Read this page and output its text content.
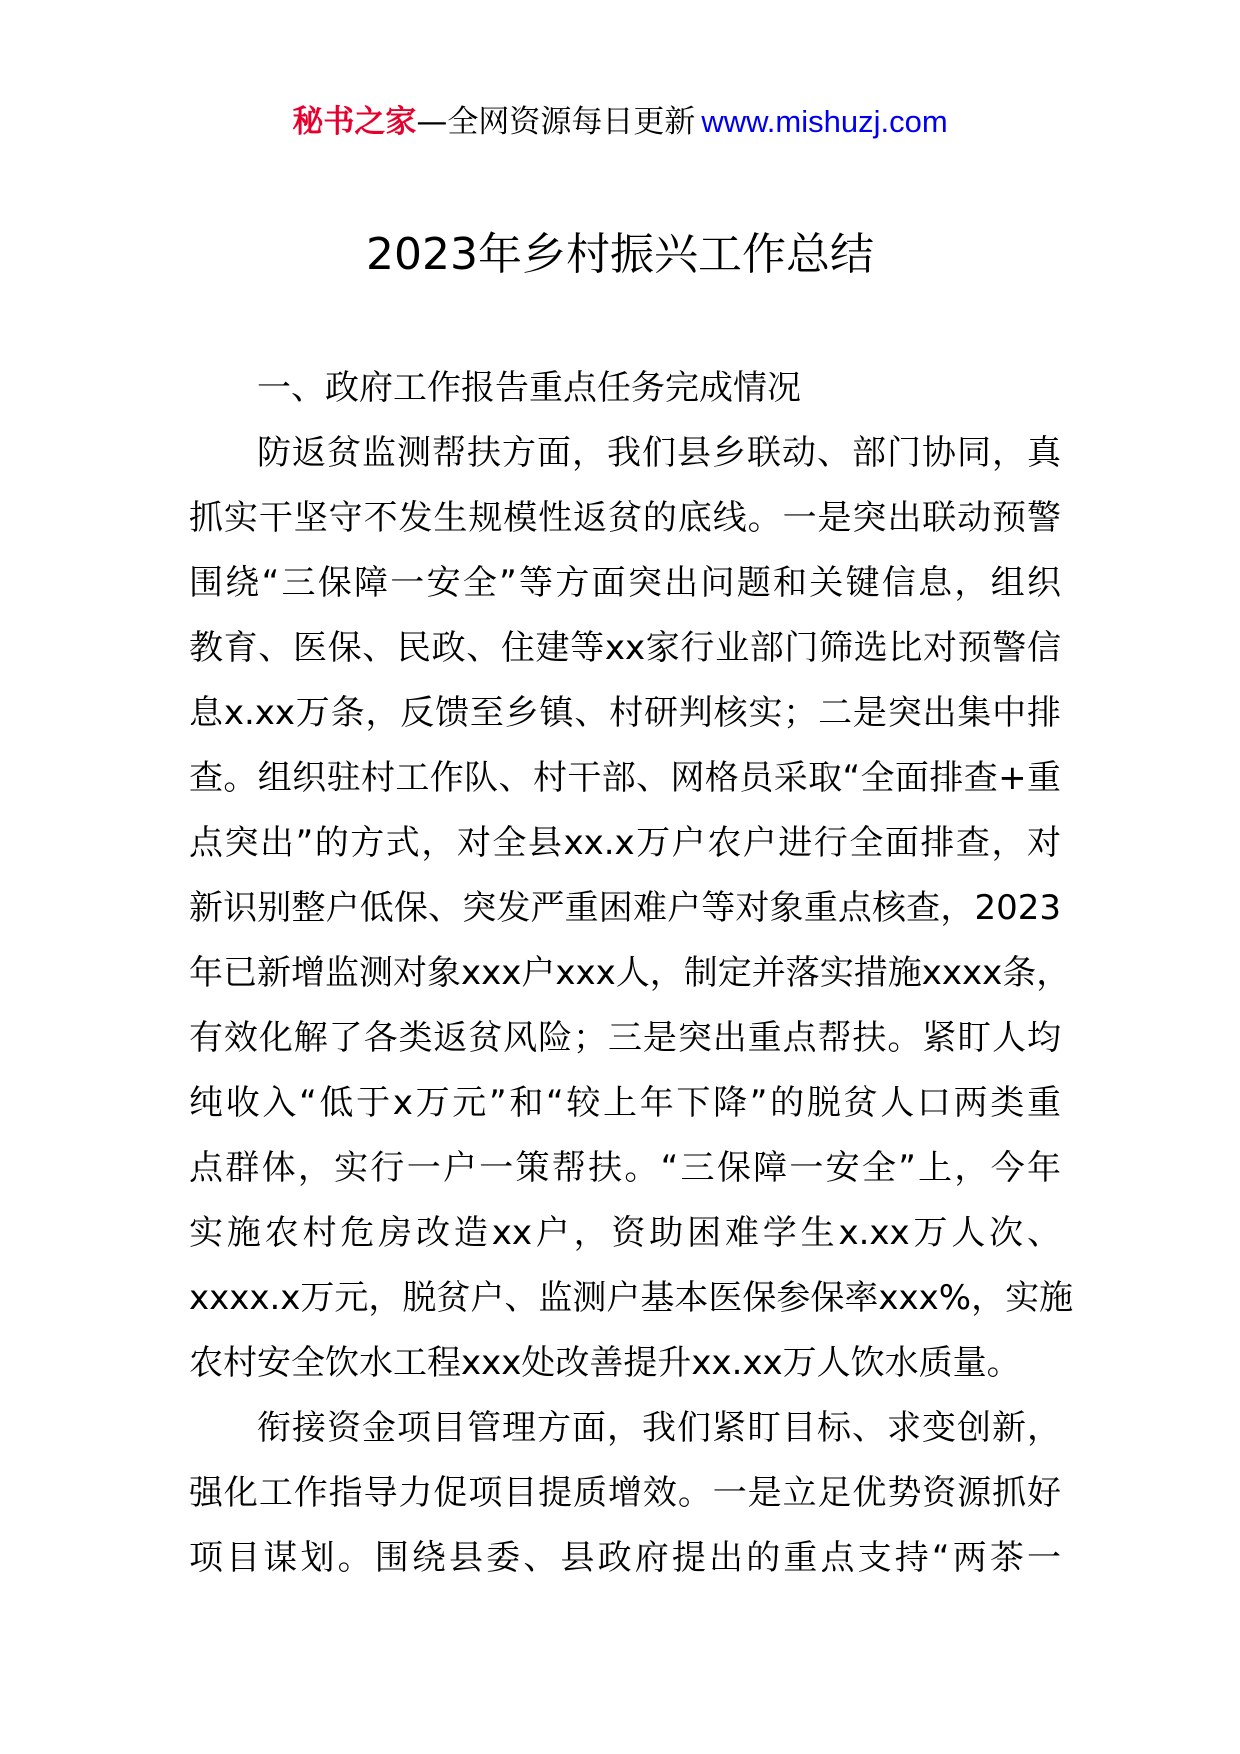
秘书之家—全网资源每日更新 www.mishuzj.com
2023年乡村振兴工作总结
一、政府工作报告重点任务完成情况
防返贫监测帮扶方面，我们县乡联动、部门协同，真
抓实干坚守不发生规模性返贫的底线。一是突出联动预警
围绕“三保障一安全”等方面突出问题和关键信息，组织
教育、医保、民政、住建等xx家行业部门筛选比对预警信
息x.xx万条，反馈至乡镇、村研判核实；二是突出集中排
查。组织驻村工作队、村干部、网格员采取“全面排查+重
点突出”的方式，对全县xx.x万户农户进行全面排查，对
新识别整户低保、突发严重困难户等对象重点核查，2023
年已新增监测对象xxx户xxx人，制定并落实措施xxxx条，
有效化解了各类返贫风险；三是突出重点帮扶。紧盯人均
纯收入“低于x万元”和“较上年下降”的脱贫人口两类重
点群体，实行一户一策帮扶。“三保障一安全”上，今年
实施农村危房改造xx户，资助困难学生x.xx万人次、
xxxx.x万元，脱贫户、监测户基本医保参保率xxx%，实施
农村安全饮水工程xxx处改善提升xx.xx万人饮水质量。
衔接资金项目管理方面，我们紧盯目标、求变创新，
强化工作指导力促项目提质增效。一是立足优势资源抓好
项目谋划。围绕县委、县政府提出的重点支持“两茶一
